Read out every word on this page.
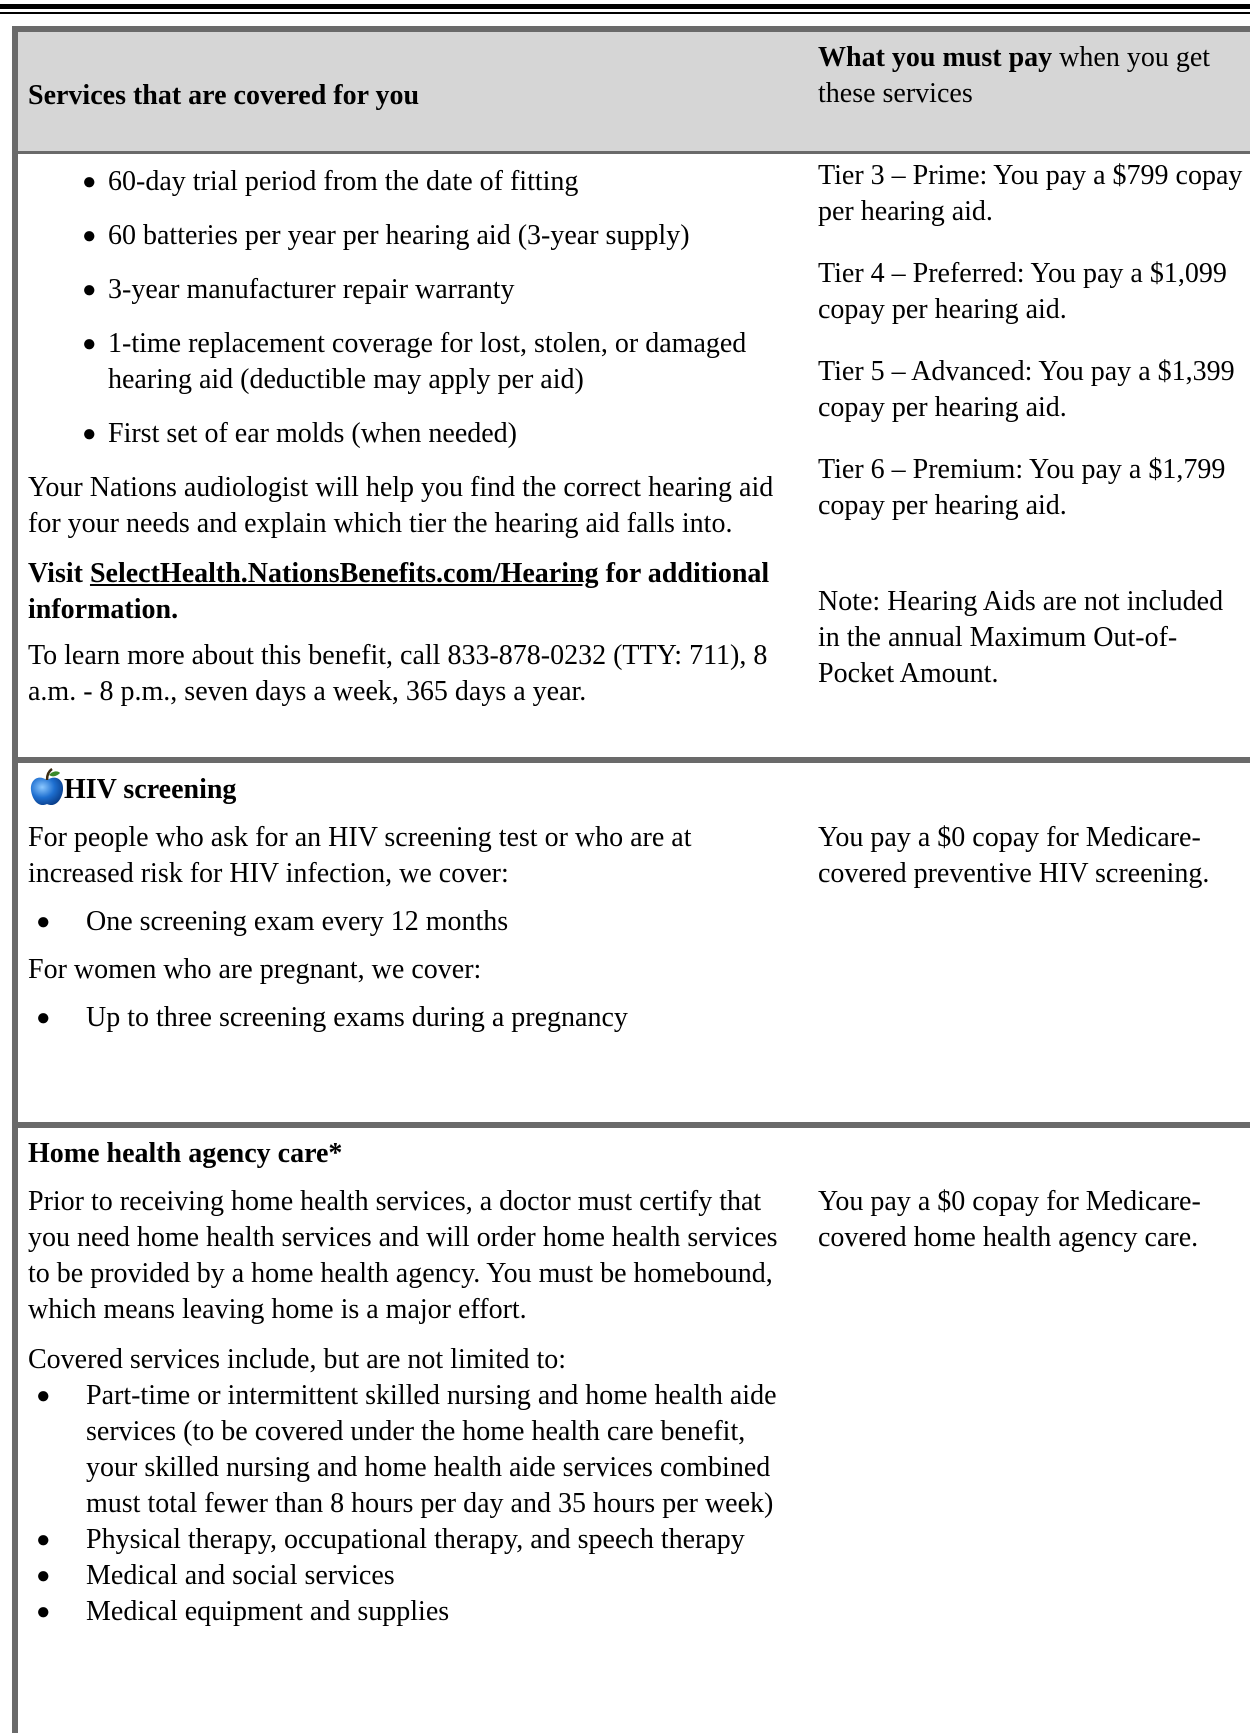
Services that are covered for you
What you must pay when you get these services
● 60-day trial period from the date of fitting
● 60 batteries per year per hearing aid (3-year supply)
● 3-year manufacturer repair warranty
● 1-time replacement coverage for lost, stolen, or damaged hearing aid (deductible may apply per aid)
● First set of ear molds (when needed)

Your Nations audiologist will help you find the correct hearing aid for your needs and explain which tier the hearing aid falls into.

Visit SelectHealth.NationsBenefits.com/Hearing for additional information.

To learn more about this benefit, call 833-878-0232 (TTY: 711), 8 a.m. - 8 p.m., seven days a week, 365 days a year.

Tier 3 – Prime: You pay a $799 copay per hearing aid.

Tier 4 – Preferred: You pay a $1,099 copay per hearing aid.

Tier 5 – Advanced: You pay a $1,399 copay per hearing aid.

Tier 6 – Premium: You pay a $1,799 copay per hearing aid.

Note: Hearing Aids are not included in the annual Maximum Out-of-Pocket Amount.

HIV screening

For people who ask for an HIV screening test or who are at increased risk for HIV infection, we cover:

● One screening exam every 12 months

For women who are pregnant, we cover:

● Up to three screening exams during a pregnancy
You pay a $0 copay for Medicare-covered preventive HIV screening.
Home health agency care*

Prior to receiving home health services, a doctor must certify that you need home health services and will order home health services to be provided by a home health agency. You must be homebound, which means leaving home is a major effort.

Covered services include, but are not limited to:

● Part-time or intermittent skilled nursing and home health aide services (to be covered under the home health care benefit, your skilled nursing and home health aide services combined must total fewer than 8 hours per day and 35 hours per week)
● Physical therapy, occupational therapy, and speech therapy
● Medical and social services
● Medical equipment and supplies
You pay a $0 copay for Medicare-covered home health agency care.
